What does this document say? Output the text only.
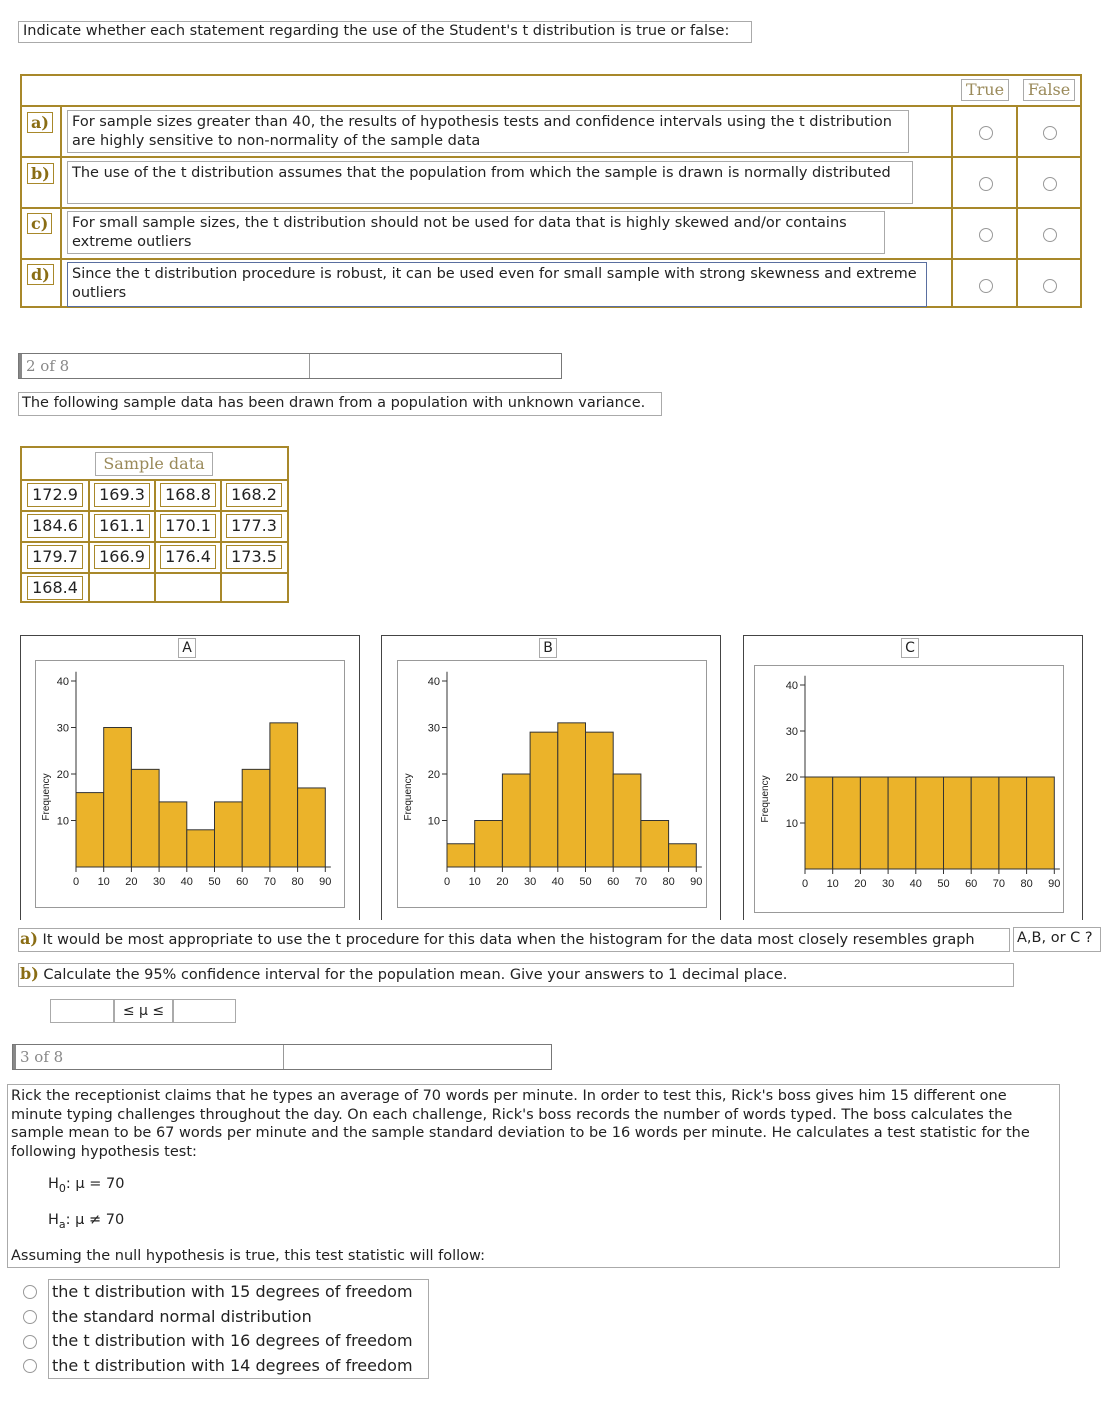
Indicate whether each statement regarding the use of the Student's t distribution is true or false:
True	False
a)	For sample sizes greater than 40, the results of hypothesis tests and confidence intervals using the t distribution are highly sensitive to non-normality of the sample data
b)	The use of the t distribution assumes that the population from which the sample is drawn is normally distributed
c)	For small sample sizes, the t distribution should not be used for data that is highly skewed and/or contains extreme outliers
d)	Since the t distribution procedure is robust, it can be used even for small sample with strong skewness and extreme outliers
2 of 8
The following sample data has been drawn from a population with unknown variance.
Sample data
172.9	169.3	168.8	168.2
184.6	161.1	170.1	177.3
179.7	166.9	176.4	173.5
168.4
A	B	C
0 10 20 30 40 50 60 70 80 90
10
20
30
40
Frequency
0 10 20 30 40 50 60 70 80 90
10
20
30
40
Frequency
0 10 20 30 40 50 60 70 80 90
10
20
30
40
Frequency
a) It would be most appropriate to use the t procedure for this data when the histogram for the data most closely resembles graph	A,B, or C ?
b) Calculate the 95% confidence interval for the population mean. Give your answers to 1 decimal place.
≤ μ ≤
3 of 8
Rick the receptionist claims that he types an average of 70 words per minute. In order to test this, Rick's boss gives him 15 different one minute typing challenges throughout the day. On each challenge, Rick's boss records the number of words typed. The boss calculates the sample mean to be 67 words per minute and the sample standard deviation to be 16 words per minute. He calculates a test statistic for the following hypothesis test:
$H_0$: μ = 70
$H_a$: μ ≠ 70
Assuming the null hypothesis is true, this test statistic will follow:
the t distribution with 15 degrees of freedom
the standard normal distribution
the t distribution with 16 degrees of freedom
the t distribution with 14 degrees of freedom
